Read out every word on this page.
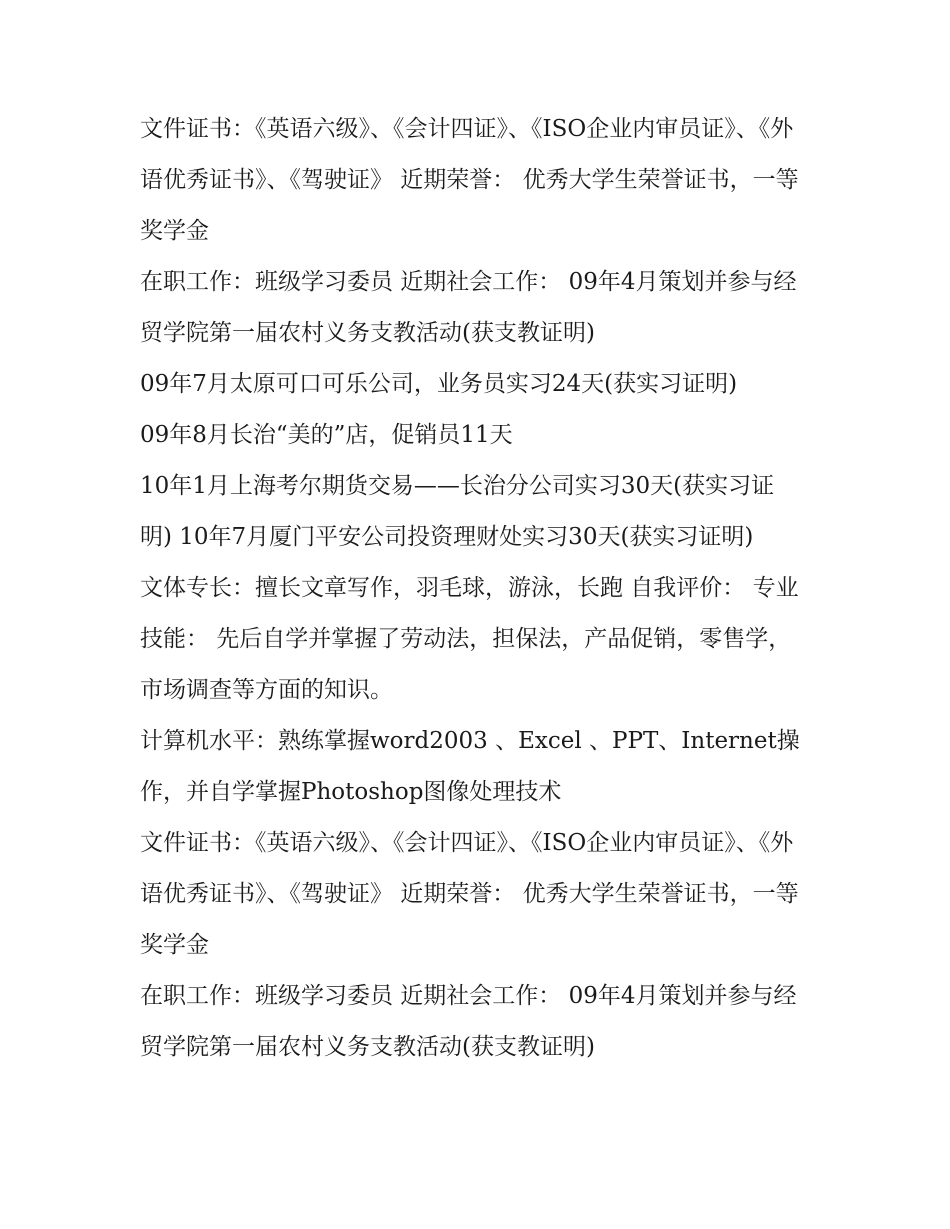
文件证书：《英语六级》、《会计四证》、《ISO企业内审员证》、《外语优秀证书》、《驾驶证》 近期荣誉： 优秀大学生荣誉证书，一等奖学金

在职工作：班级学习委员 近期社会工作： 09年4月策划并参与经贸学院第一届农村义务支教活动(获支教证明)

09年7月太原可口可乐公司，业务员实习24天(获实习证明)

09年8月长治“美的”店，促销员11天

10年1月上海考尔期货交易——长治分公司实习30天(获实习证明) 10年7月厦门平安公司投资理财处实习30天(获实习证明)

文体专长：擅长文章写作，羽毛球，游泳，长跑 自我评价： 专业技能： 先后自学并掌握了劳动法，担保法，产品促销，零售学，市场调查等方面的知识。

计算机水平：熟练掌握word2003 、Excel 、PPT、Internet操作，并自学掌握Photoshop图像处理技术

文件证书：《英语六级》、《会计四证》、《ISO企业内审员证》、《外语优秀证书》、《驾驶证》 近期荣誉： 优秀大学生荣誉证书，一等奖学金

在职工作：班级学习委员 近期社会工作： 09年4月策划并参与经贸学院第一届农村义务支教活动(获支教证明)
